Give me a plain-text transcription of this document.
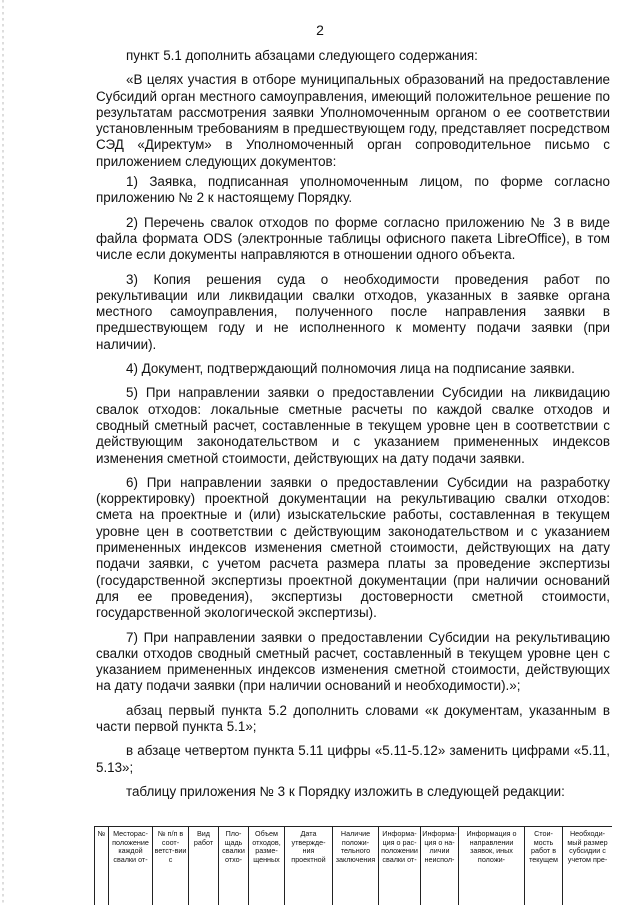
2

пункт 5.1 дополнить абзацами следующего содержания:

«В целях участия в отборе муниципальных образований на предоставление Субсидий орган местного самоуправления, имеющий положительное решение по результатам рассмотрения заявки Уполномоченным органом о ее соответствии установленным требованиям в предшествующем году, представляет посредством СЭД «Директум» в Уполномоченный орган сопроводительное письмо с приложением следующих документов:

1) Заявка, подписанная уполномоченным лицом, по форме согласно приложению № 2 к настоящему Порядку.

2) Перечень свалок отходов по форме согласно приложению № 3 в виде файла формата ODS (электронные таблицы офисного пакета LibreOffice), в том числе если документы направляются в отношении одного объекта.

3) Копия решения суда о необходимости проведения работ по рекультивации или ликвидации свалки отходов, указанных в заявке органа местного самоуправления, полученного после направления заявки в предшествующем году и не исполненного к моменту подачи заявки (при наличии).

4) Документ, подтверждающий полномочия лица на подписание заявки.

5) При направлении заявки о предоставлении Субсидии на ликвидацию свалок отходов: локальные сметные расчеты по каждой свалке отходов и сводный сметный расчет, составленные в текущем уровне цен в соответствии с действующим законодательством и с указанием примененных индексов изменения сметной стоимости, действующих на дату подачи заявки.

6) При направлении заявки о предоставлении Субсидии на разработку (корректировку) проектной документации на рекультивацию свалки отходов: смета на проектные и (или) изыскательские работы, составленная в текущем уровне цен в соответствии с действующим законодательством и с указанием примененных индексов изменения сметной стоимости, действующих на дату подачи заявки, с учетом расчета размера платы за проведение экспертизы (государственной экспертизы проектной документации (при наличии оснований для ее проведения), экспертизы достоверности сметной стоимости, государственной экологической экспертизы).

7) При направлении заявки о предоставлении Субсидии на рекультивацию свалки отходов сводный сметный расчет, составленный в текущем уровне цен с указанием примененных индексов изменения сметной стоимости, действующих на дату подачи заявки (при наличии оснований и необходимости).»;

абзац первый пункта 5.2 дополнить словами «к документам, указанным в части первой пункта 5.1»;

в абзаце четвертом пункта 5.11 цифры «5.11-5.12» заменить цифрами «5.11, 5.13»;

таблицу приложения № 3 к Порядку изложить в следующей редакции:

№	Месторас-положение каждой свалки от-	№ п/п в соот-ветст-вии с	Вид работ	Пло-щадь свалки отхо-	Объем отходов, разме-щенных	Дата утвержде-ния проектной	Наличие положи-тельного заключения	Информа-ция о рас-положении свалки от-	Информа-ция о на-личии неиспол-	Информация о направлении заявок, иных положи-	Стои-мость работ в текущем	Необходи-мый размер субсидии с учетом пре-
